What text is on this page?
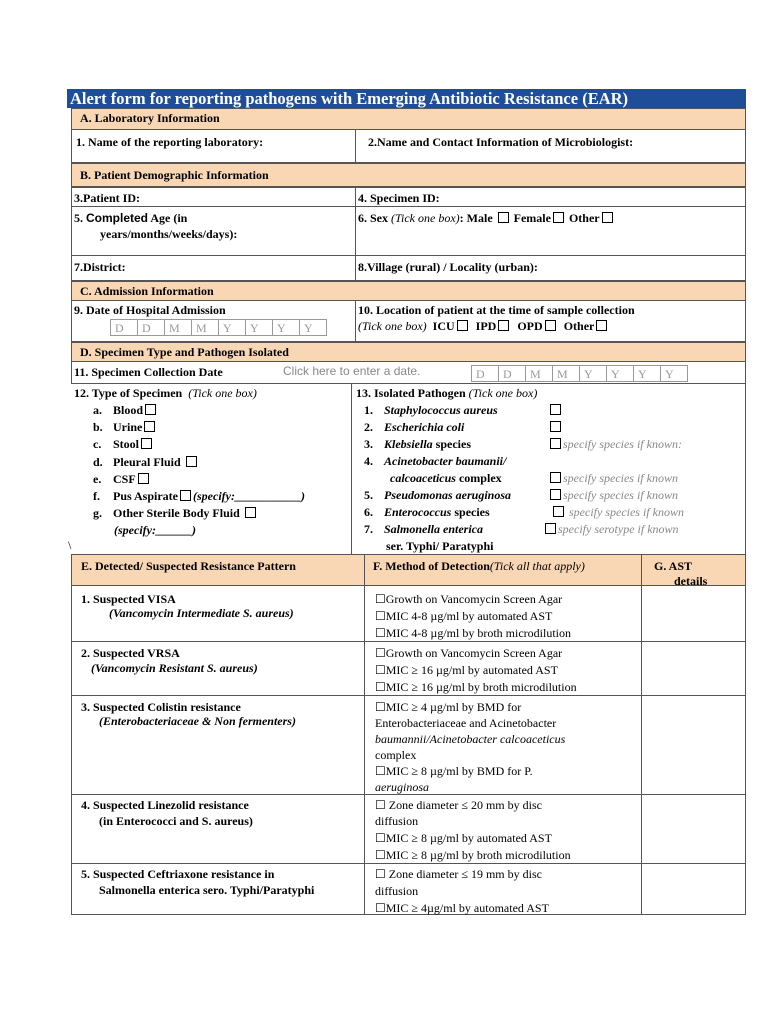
Alert form for reporting pathogens with Emerging Antibiotic Resistance (EAR)
A. Laboratory Information
1. Name of the reporting laboratory:	2.Name and Contact Information of Microbiologist:
B. Patient Demographic Information
3.Patient ID:	4. Specimen ID:
5. Completed Age (in
years/months/weeks/days):
6. Sex (Tick one box): Male Female Other
7.District:	8.Village (rural) / Locality (urban):
C. Admission Information
9. Date of Hospital Admission
D	D	M	M	Y	Y	Y	Y
10. Location of patient at the time of sample collection
(Tick one box) ICU IPD OPD Other
D. Specimen Type and Pathogen Isolated
11. Specimen Collection Date	Click here to enter a date.	D	D	M	M	Y	Y	Y	Y
12. Type of Specimen (Tick one box)
a. Blood
b. Urine
c. Stool
d. Pleural Fluid
e. CSF
f. Pus Aspirate (specify:___________)
g. Other Sterile Body Fluid
(specify:______)
\
13. Isolated Pathogen (Tick one box)
1. Staphylococcus aureus
2. Escherichia coli
3. Klebsiella species	specify species if known:
4. Acinetobacter baumanii/
calcoaceticus complex	specify species if known
5. Pseudomonas aeruginosa	specify species if known
6. Enterococcus species	specify species if known
7. Salmonella enterica	specify serotype if known
ser. Typhi/ Paratyphi
E. Detected/ Suspected Resistance Pattern	F. Method of Detection(Tick all that apply)	G. AST
details
1. Suspected VISA
(Vancomycin Intermediate S. aureus)
☐Growth on Vancomycin Screen Agar
☐MIC 4-8 µg/ml by automated AST
☐MIC 4-8 µg/ml by broth microdilution
2. Suspected VRSA
(Vancomycin Resistant S. aureus)
☐Growth on Vancomycin Screen Agar
☐MIC ≥ 16 µg/ml by automated AST
☐MIC ≥ 16 µg/ml by broth microdilution
3. Suspected Colistin resistance
(Enterobacteriaceae & Non fermenters)
☐MIC ≥ 4 µg/ml by BMD for
Enterobacteriaceae and Acinetobacter
baumannii/Acinetobacter calcoaceticus
complex
☐MIC ≥ 8 µg/ml by BMD for P.
aeruginosa
4. Suspected Linezolid resistance
(in Enterococci and S. aureus)
☐ Zone diameter ≤ 20 mm by disc
diffusion
☐MIC ≥ 8 µg/ml by automated AST
☐MIC ≥ 8 µg/ml by broth microdilution
5. Suspected Ceftriaxone resistance in
Salmonella enterica sero. Typhi/Paratyphi
☐ Zone diameter ≤ 19 mm by disc
diffusion
☐MIC ≥ 4µg/ml by automated AST
